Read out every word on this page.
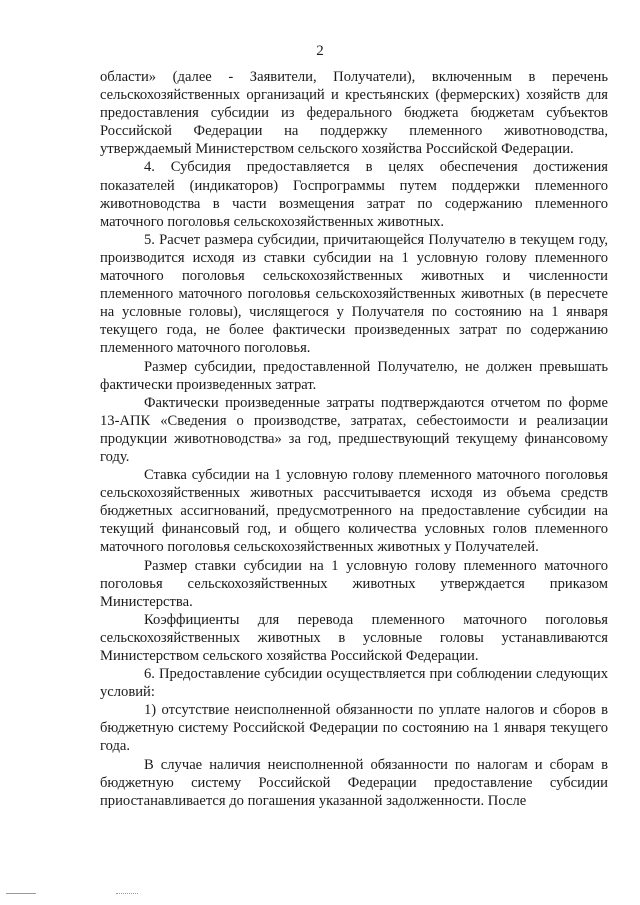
2

области» (далее - Заявители, Получатели), включенным в перечень сельскохозяйственных организаций и крестьянских (фермерских) хозяйств для предоставления субсидии из федерального бюджета бюджетам субъектов Российской Федерации на поддержку племенного животноводства, утверждаемый Министерством сельского хозяйства Российской Федерации.

4. Субсидия предоставляется в целях обеспечения достижения показателей (индикаторов) Госпрограммы путем поддержки племенного животноводства в части возмещения затрат по содержанию племенного маточного поголовья сельскохозяйственных животных.

5. Расчет размера субсидии, причитающейся Получателю в текущем году, производится исходя из ставки субсидии на 1 условную голову племенного маточного поголовья сельскохозяйственных животных и численности племенного маточного поголовья сельскохозяйственных животных (в пересчете на условные головы), числящегося у Получателя по состоянию на 1 января текущего года, не более фактически произведенных затрат по содержанию племенного маточного поголовья.

Размер субсидии, предоставленной Получателю, не должен превышать фактически произведенных затрат.

Фактически произведенные затраты подтверждаются отчетом по форме 13-АПК «Сведения о производстве, затратах, себестоимости и реализации продукции животноводства» за год, предшествующий текущему финансовому году.

Ставка субсидии на 1 условную голову племенного маточного поголовья сельскохозяйственных животных рассчитывается исходя из объема средств бюджетных ассигнований, предусмотренного на предоставление субсидии на текущий финансовый год, и общего количества условных голов племенного маточного поголовья сельскохозяйственных животных у Получателей.

Размер ставки субсидии на 1 условную голову племенного маточного поголовья сельскохозяйственных животных утверждается приказом Министерства.

Коэффициенты для перевода племенного маточного поголовья сельскохозяйственных животных в условные головы устанавливаются Министерством сельского хозяйства Российской Федерации.

6. Предоставление субсидии осуществляется при соблюдении следующих условий:

1) отсутствие неисполненной обязанности по уплате налогов и сборов в бюджетную систему Российской Федерации по состоянию на 1 января текущего года.

В случае наличия неисполненной обязанности по налогам и сборам в бюджетную систему Российской Федерации предоставление субсидии приостанавливается до погашения указанной задолженности. После
